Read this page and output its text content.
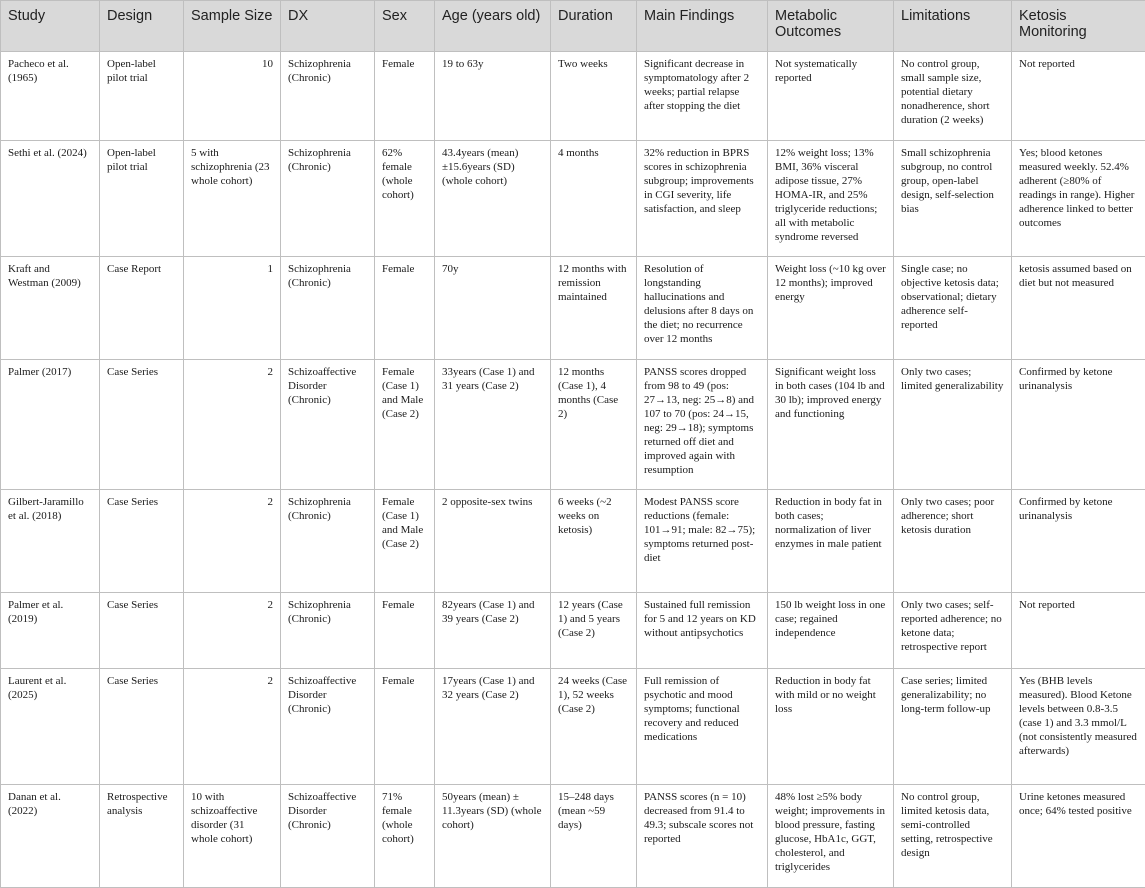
Study	Design	Sample Size	DX	Sex	Age (years old)	Duration	Main Findings	Metabolic Outcomes	Limitations	Ketosis Monitoring
Pacheco et al. (1965)	Open-label pilot trial	10	Schizophrenia (Chronic)	Female	19 to 63y	Two weeks	Significant decrease in symptomatology after 2 weeks; partial relapse after stopping the diet	Not systematically reported	No control group, small sample size, potential dietary nonadherence, short duration (2 weeks)	Not reported
Sethi et al. (2024)	Open-label pilot trial	5 with schizophrenia (23 whole cohort)	Schizophrenia (Chronic)	62% female (whole cohort)	43.4years (mean) ±15.6years (SD) (whole cohort)	4 months	32% reduction in BPRS scores in schizophrenia subgroup; improvements in CGI severity, life satisfaction, and sleep	12% weight loss; 13% BMI, 36% visceral adipose tissue, 27% HOMA-IR, and 25% triglyceride reductions; all with metabolic syndrome reversed	Small schizophrenia subgroup, no control group, open-label design, self-selection bias	Yes; blood ketones measured weekly. 52.4% adherent (≥80% of readings in range). Higher adherence linked to better outcomes
Kraft and Westman (2009)	Case Report	1	Schizophrenia (Chronic)	Female	70y	12 months with remission maintained	Resolution of longstanding hallucinations and delusions after 8 days on the diet; no recurrence over 12 months	Weight loss (~10 kg over 12 months); improved energy	Single case; no objective ketosis data; observational; dietary adherence self-reported	ketosis assumed based on diet but not measured
Palmer (2017)	Case Series	2	Schizoaffective Disorder (Chronic)	Female (Case 1) and Male (Case 2)	33years (Case 1) and 31 years (Case 2)	12 months (Case 1), 4 months (Case 2)	PANSS scores dropped from 98 to 49 (pos: 27→13, neg: 25→8) and 107 to 70 (pos: 24→15, neg: 29→18); symptoms returned off diet and improved again with resumption	Significant weight loss in both cases (104 lb and 30 lb); improved energy and functioning	Only two cases; limited generalizability	Confirmed by ketone urinanalysis
Gilbert-Jaramillo et al. (2018)	Case Series	2	Schizophrenia (Chronic)	Female (Case 1) and Male (Case 2)	2 opposite-sex twins	6 weeks (~2 weeks on ketosis)	Modest PANSS score reductions (female: 101→91; male: 82→75); symptoms returned post-diet	Reduction in body fat in both cases; normalization of liver enzymes in male patient	Only two cases; poor adherence; short ketosis duration	Confirmed by ketone urinanalysis
Palmer et al. (2019)	Case Series	2	Schizophrenia (Chronic)	Female	82years (Case 1) and 39 years (Case 2)	12 years (Case 1) and 5 years (Case 2)	Sustained full remission for 5 and 12 years on KD without antipsychotics	150 lb weight loss in one case; regained independence	Only two cases; self-reported adherence; no ketone data; retrospective report	Not reported
Laurent et al. (2025)	Case Series	2	Schizoaffective Disorder (Chronic)	Female	17years (Case 1) and 32 years (Case 2)	24 weeks (Case 1), 52 weeks (Case 2)	Full remission of psychotic and mood symptoms; functional recovery and reduced medications	Reduction in body fat with mild or no weight loss	Case series; limited generalizability; no long-term follow-up	Yes (BHB levels measured). Blood Ketone levels between 0.8-3.5 (case 1) and 3.3 mmol/L (not consistently measured afterwards)
Danan et al. (2022)	Retrospective analysis	10 with schizoaffective disorder (31 whole cohort)	Schizoaffective Disorder (Chronic)	71% female (whole cohort)	50years (mean) ± 11.3years (SD) (whole cohort)	15–248 days (mean ~59 days)	PANSS scores (n = 10) decreased from 91.4 to 49.3; subscale scores not reported	48% lost ≥5% body weight; improvements in blood pressure, fasting glucose, HbA1c, GGT, cholesterol, and triglycerides	No control group, limited ketosis data, semi-controlled setting, retrospective design	Urine ketones measured once; 64% tested positive
